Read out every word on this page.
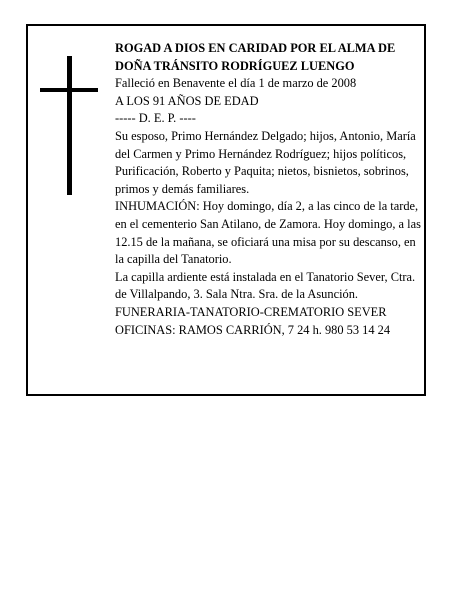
ROGAD A DIOS EN CARIDAD POR EL ALMA DE

DOÑA TRÁNSITO RODRÍGUEZ LUENGO

Falleció en Benavente el día 1 de marzo de 2008

A LOS 91 AÑOS DE EDAD

----- D. E. P. ----

Su esposo, Primo Hernández Delgado; hijos, Antonio, María del Carmen y Primo Hernández Rodríguez; hijos políticos, Purificación, Roberto y Paquita; nietos, bisnietos, sobrinos, primos y demás familiares.

INHUMACIÓN: Hoy domingo, día 2, a las cinco de la tarde, en el cementerio San Atilano, de Zamora. Hoy domingo, a las 12.15 de la mañana, se oficiará una misa por su descanso, en la capilla del Tanatorio.

La capilla ardiente está instalada en el Tanatorio Sever, Ctra. de Villalpando, 3. Sala Ntra. Sra. de la Asunción.

FUNERARIA-TANATORIO-CREMATORIO SEVER

OFICINAS: RAMOS CARRIÓN, 7 24 h. 980 53 14 24
